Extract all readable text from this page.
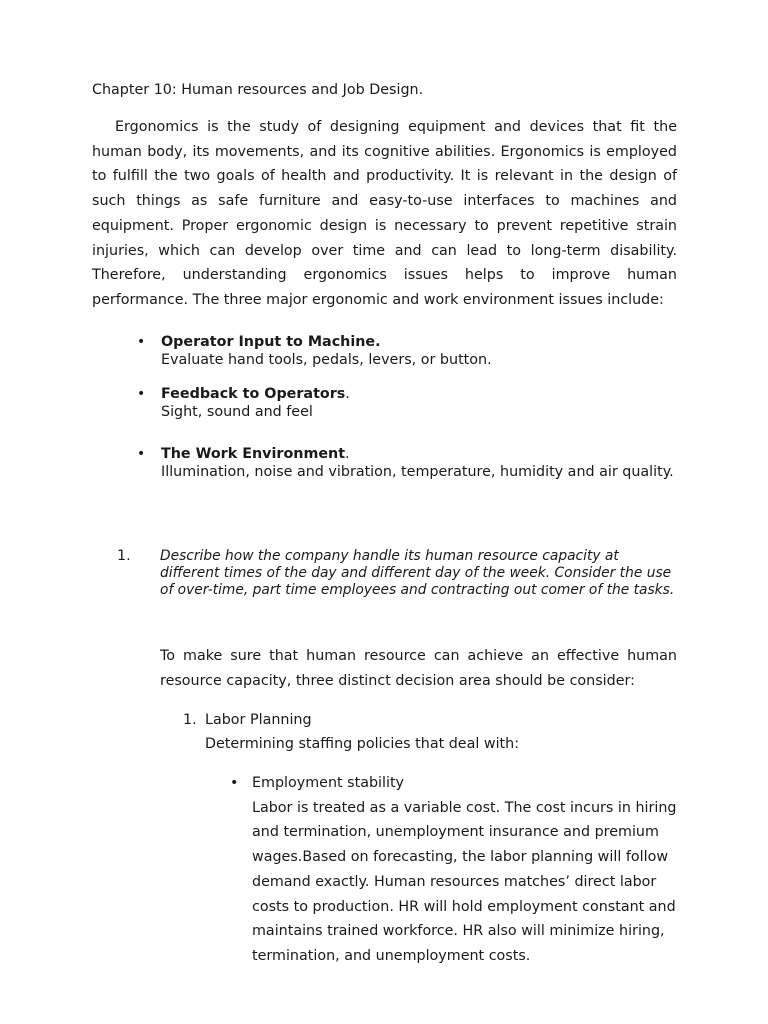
Chapter 10: Human resources and Job Design.

Ergonomics is the study of designing equipment and devices that fit the human body, its movements, and its cognitive abilities. Ergonomics is employed to fulfill the two goals of health and productivity. It is relevant in the design of such things as safe furniture and easy-to-use interfaces to machines and equipment. Proper ergonomic design is necessary to prevent repetitive strain injuries, which can develop over time and can lead to long-term disability. Therefore, understanding ergonomics issues helps to improve human performance. The three major ergonomic and work environment issues include:

• Operator Input to Machine.
Evaluate hand tools, pedals, levers, or button.
• Feedback to Operators.
Sight, sound and feel
• The Work Environment.
Illumination, noise and vibration, temperature, humidity and air quality.
1. Describe how the company handle its human resource capacity at different times of the day and different day of the week. Consider the use of over-time, part time employees and contracting out comer of the tasks.

To make sure that human resource can achieve an effective human resource capacity, three distinct decision area should be consider:

1. Labor Planning
Determining staffing policies that deal with:
• Employment stability
Labor is treated as a variable cost. The cost incurs in hiring
and termination, unemployment insurance and premium
wages.Based on forecasting, the labor planning will follow
demand exactly. Human resources matches’ direct labor
costs to production. HR will hold employment constant and
maintains trained workforce. HR also will minimize hiring,
termination, and unemployment costs.
